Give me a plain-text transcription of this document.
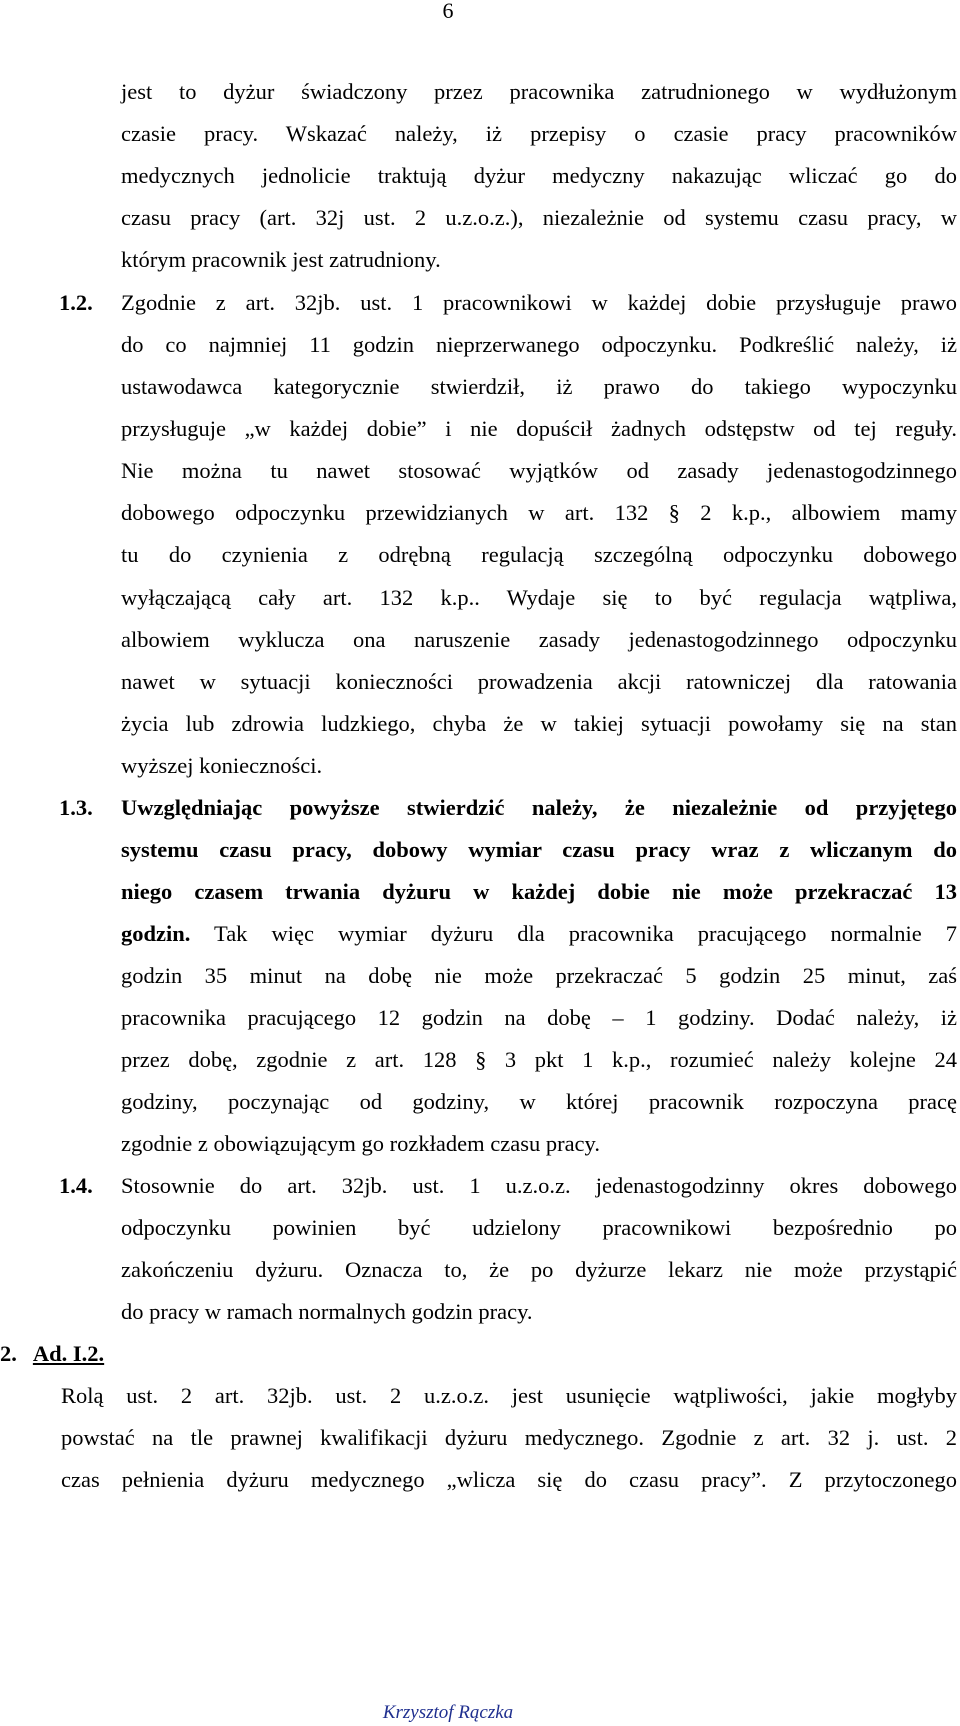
6
jest to dyżur świadczony przez pracownika zatrudnionego w wydłużonym
czasie pracy. Wskazać należy, iż przepisy o czasie pracy pracowników
medycznych jednolicie traktują dyżur medyczny nakazując wliczać go do
czasu pracy (art. 32j ust. 2 u.z.o.z.), niezależnie od systemu czasu pracy, w
którym pracownik jest zatrudniony.
1.2. Zgodnie z art. 32jb. ust. 1 pracownikowi w każdej dobie przysługuje prawo
do co najmniej 11 godzin nieprzerwanego odpoczynku. Podkreślić należy, iż
ustawodawca kategorycznie stwierdził, iż prawo do takiego wypoczynku
przysługuje „w każdej dobie” i nie dopuścił żadnych odstępstw od tej reguły.
Nie można tu nawet stosować wyjątków od zasady jedenastogodzinnego
dobowego odpoczynku przewidzianych w art. 132 § 2 k.p., albowiem mamy
tu do czynienia z odrębną regulacją szczególną odpoczynku dobowego
wyłączającą cały art. 132 k.p.. Wydaje się to być regulacja wątpliwa,
albowiem wyklucza ona naruszenie zasady jedenastogodzinnego odpoczynku
nawet w sytuacji konieczności prowadzenia akcji ratowniczej dla ratowania
życia lub zdrowia ludzkiego, chyba że w takiej sytuacji powołamy się na stan
wyższej konieczności.
1.3. Uwzględniając powyższe stwierdzić należy, że niezależnie od przyjętego
systemu czasu pracy, dobowy wymiar czasu pracy wraz z wliczanym do
niego czasem trwania dyżuru w każdej dobie nie może przekraczać 13
godzin. Tak więc wymiar dyżuru dla pracownika pracującego normalnie 7
godzin 35 minut na dobę nie może przekraczać 5 godzin 25 minut, zaś
pracownika pracującego 12 godzin na dobę – 1 godziny. Dodać należy, iż
przez dobę, zgodnie z art. 128 § 3 pkt 1 k.p., rozumieć należy kolejne 24
godziny, poczynając od godziny, w której pracownik rozpoczyna pracę
zgodnie z obowiązującym go rozkładem czasu pracy.
1.4. Stosownie do art. 32jb. ust. 1 u.z.o.z. jedenastogodzinny okres dobowego
odpoczynku powinien być udzielony pracownikowi bezpośrednio po
zakończeniu dyżuru. Oznacza to, że po dyżurze lekarz nie może przystąpić
do pracy w ramach normalnych godzin pracy.
2. Ad. I.2.
Rolą ust. 2 art. 32jb. ust. 2 u.z.o.z. jest usunięcie wątpliwości, jakie mogłyby
powstać na tle prawnej kwalifikacji dyżuru medycznego. Zgodnie z art. 32 j. ust. 2
czas pełnienia dyżuru medycznego „wlicza się do czasu pracy”. Z przytoczonego
Krzysztof Rączka
